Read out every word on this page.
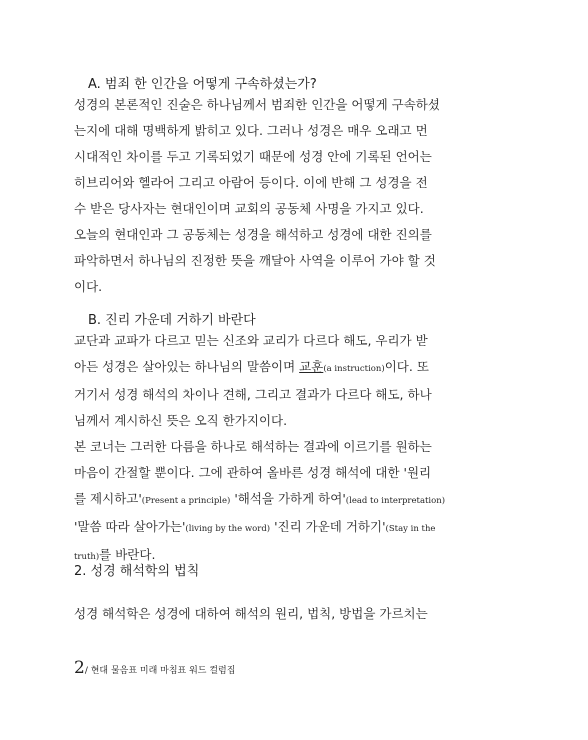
A. 범죄 한 인간을 어떻게 구속하셨는가?
성경의 본론적인 진술은 하나님께서 범죄한 인간을 어떻게 구속하셨
는지에 대해 명백하게 밝히고 있다. 그러나 성경은 매우 오래고 먼
시대적인 차이를 두고 기록되었기 때문에 성경 안에 기록된 언어는
히브리어와 헬라어 그리고 아람어 등이다. 이에 반해 그 성경을 전
수 받은 당사자는 현대인이며 교회의 공동체 사명을 가지고 있다.
오늘의 현대인과 그 공동체는 성경을 해석하고 성경에 대한 진의를
파악하면서 하나님의 진정한 뜻을 깨달아 사역을 이루어 가야 할 것
이다.
B. 진리 가운데 거하기 바란다
교단과 교파가 다르고 믿는 신조와 교리가 다르다 해도, 우리가 받
아든 성경은 살아있는 하나님의 말씀이며 교훈(a instruction)이다. 또
거기서 성경 해석의 차이나 견해, 그리고 결과가 다르다 해도, 하나
님께서 계시하신 뜻은 오직 한가지이다.
본 코너는 그러한 다름을 하나로 해석하는 결과에 이르기를 원하는
마음이 간절할 뿐이다. 그에 관하여 올바른 성경 해석에 대한 '원리
를 제시하고'(Present a principle) '해석을 가하게 하여'(lead to interpretation)
'말씀 따라 살아가는'(living by the word) '진리 가운데 거하기'(Stay in the
truth)를 바란다.
2. 성경 해석학의 법칙
성경 해석학은 성경에 대하여 해석의 원리, 법칙, 방법을 가르치는
2/ 현대 물음표 미래 마침표 워드 컬럼집
